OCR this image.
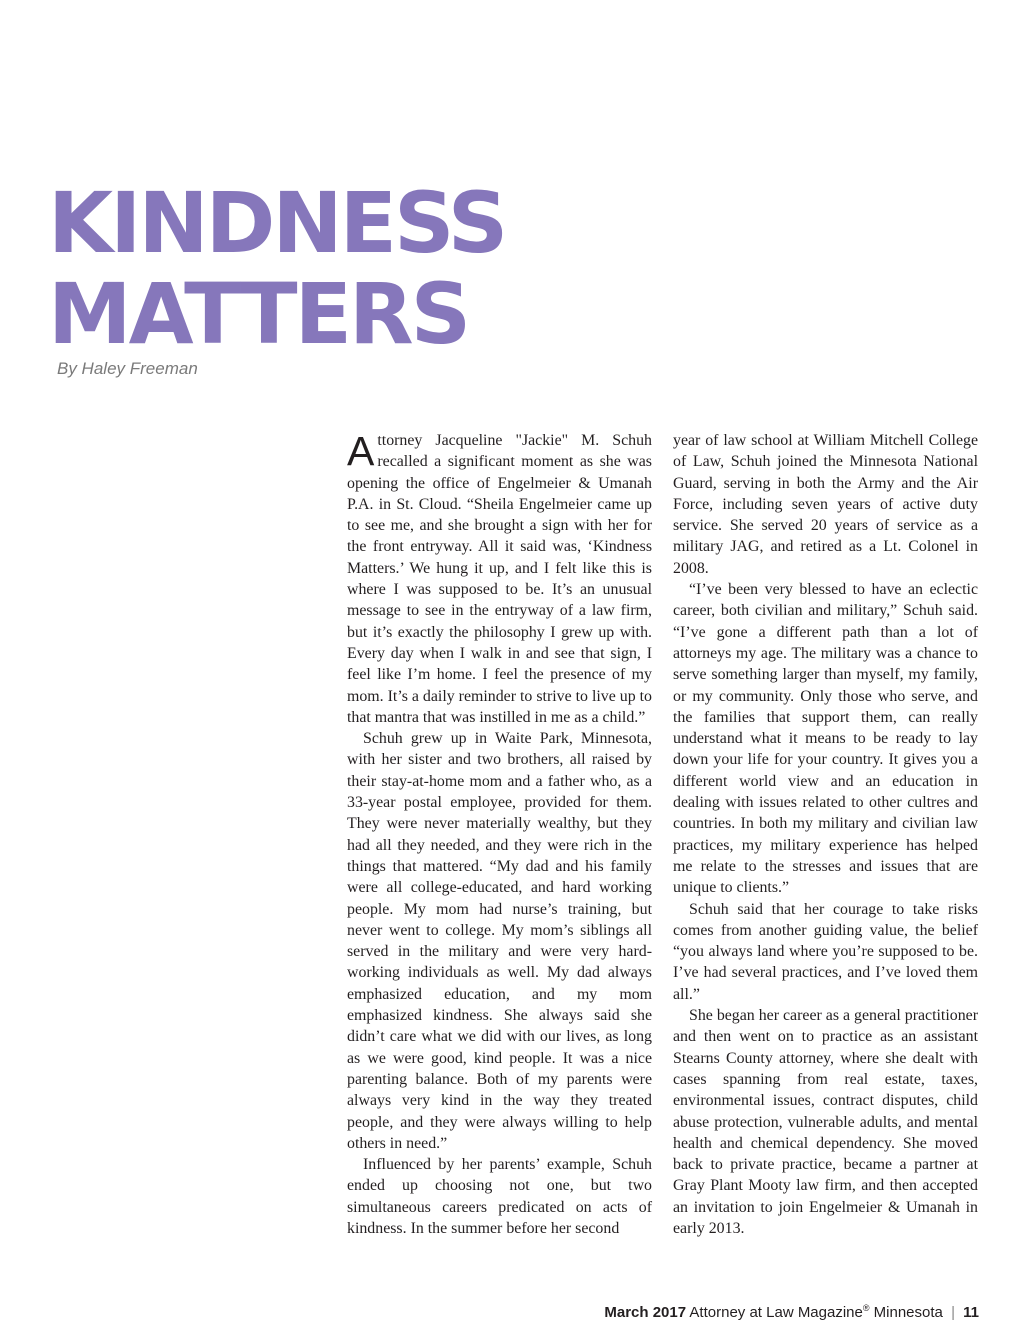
KINDNESS
MATTERS
By Haley Freeman

Attorney Jacqueline "Jackie" M. Schuh recalled a significant moment as she was opening the office of Engelmeier & Umanah P.A. in St. Cloud. “Sheila Engelmeier came up to see me, and she brought a sign with her for the front entryway. All it said was, ‘Kindness Matters.’ We hung it up, and I felt like this is where I was supposed to be. It’s an unusual message to see in the entryway of a law firm, but it’s exactly the philosophy I grew up with. Every day when I walk in and see that sign, I feel like I’m home. I feel the presence of my mom. It’s a daily reminder to strive to live up to that mantra that was instilled in me as a child.”

Schuh grew up in Waite Park, Minnesota, with her sister and two brothers, all raised by their stay-at-home mom and a father who, as a 33-year postal employee, provided for them. They were never materially wealthy, but they had all they needed, and they were rich in the things that mattered. “My dad and his family were all college-educated, and hard working people. My mom had nurse’s training, but never went to college. My mom’s siblings all served in the military and were very hard-working individuals as well. My dad always emphasized education, and my mom emphasized kindness. She always said she didn’t care what we did with our lives, as long as we were good, kind people. It was a nice parenting balance. Both of my parents were always very kind in the way they treated people, and they were always willing to help others in need.”

Influenced by her parents’ example, Schuh ended up choosing not one, but two simultaneous careers predicated on acts of kindness. In the summer before her second

year of law school at William Mitchell College of Law, Schuh joined the Minnesota National Guard, serving in both the Army and the Air Force, including seven years of active duty service. She served 20 years of service as a military JAG, and retired as a Lt. Colonel in 2008.

“I’ve been very blessed to have an eclectic career, both civilian and military,” Schuh said. “I’ve gone a different path than a lot of attorneys my age. The military was a chance to serve something larger than myself, my family, or my community. Only those who serve, and the families that support them, can really understand what it means to be ready to lay down your life for your country. It gives you a different world view and an education in dealing with issues related to other cultres and countries. In both my military and civilian law practices, my military experience has helped me relate to the stresses and issues that are unique to clients.”

Schuh said that her courage to take risks comes from another guiding value, the belief “you always land where you’re supposed to be. I’ve had several practices, and I’ve loved them all.”

She began her career as a general practitioner and then went on to practice as an assistant Stearns County attorney, where she dealt with cases spanning from real estate, taxes, environmental issues, contract disputes, child abuse protection, vulnerable adults, and mental health and chemical dependency. She moved back to private practice, became a partner at Gray Plant Mooty law firm, and then accepted an invitation to join Engelmeier & Umanah in early 2013.

March 2017 Attorney at Law Magazine® Minnesota | 11
